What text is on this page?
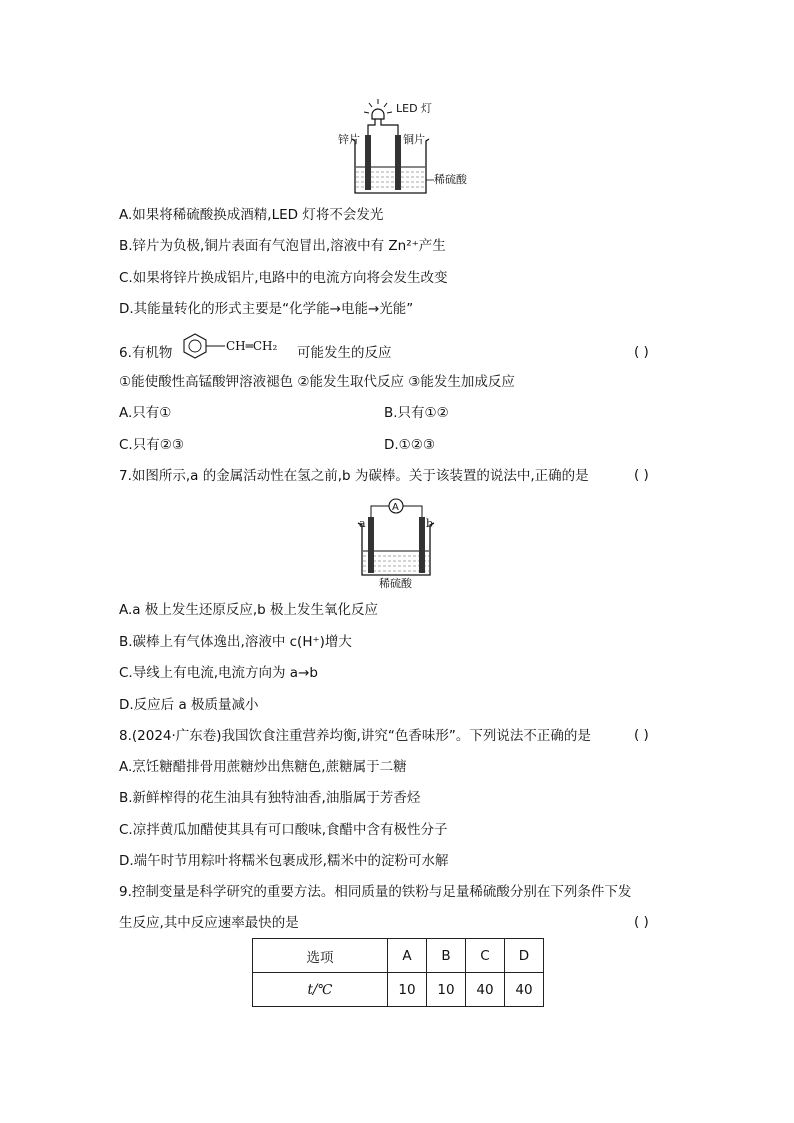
LED 灯
锌片	铜片
稀硫酸
A.如果将稀硫酸换成酒精,LED 灯将不会发光
B.锌片为负极,铜片表面有气泡冒出,溶液中有 Zn²⁺产生
C.如果将锌片换成铝片,电路中的电流方向将会发生改变
D.其能量转化的形式主要是“化学能→电能→光能”
6.有机物	CH═CH₂ 可能发生的反应	( )
①能使酸性高锰酸钾溶液褪色 ②能发生取代反应 ③能发生加成反应
A.只有①	B.只有①②
C.只有②③	D.①②③
7.如图所示,a 的金属活动性在氢之前,b 为碳棒。关于该装置的说法中,正确的是	( )
A
a	b
稀硫酸
A.a 极上发生还原反应,b 极上发生氧化反应
B.碳棒上有气体逸出,溶液中 c(H⁺)增大
C.导线上有电流,电流方向为 a→b
D.反应后 a 极质量减小
8.(2024·广东卷)我国饮食注重营养均衡,讲究“色香味形”。下列说法不正确的是	( )
A.烹饪糖醋排骨用蔗糖炒出焦糖色,蔗糖属于二糖
B.新鲜榨得的花生油具有独特油香,油脂属于芳香烃
C.凉拌黄瓜加醋使其具有可口酸味,食醋中含有极性分子
D.端午时节用粽叶将糯米包裹成形,糯米中的淀粉可水解
9.控制变量是科学研究的重要方法。相同质量的铁粉与足量稀硫酸分别在下列条件下发
生反应,其中反应速率最快的是	( )
选项	A	B	C	D
t/℃	10	10	40	40
